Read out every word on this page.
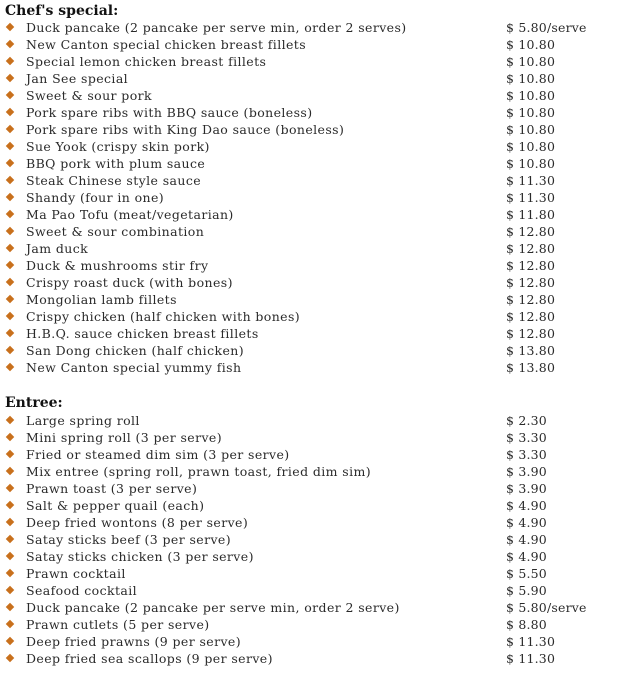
Chef's special:
Duck pancake (2 pancake per serve min, order 2 serves)	$ 5.80/serve
New Canton special chicken breast fillets	$ 10.80
Special lemon chicken breast fillets	$ 10.80
Jan See special	$ 10.80
Sweet & sour pork	$ 10.80
Pork spare ribs with BBQ sauce (boneless)	$ 10.80
Pork spare ribs with King Dao sauce (boneless)	$ 10.80
Sue Yook (crispy skin pork)	$ 10.80
BBQ pork with plum sauce	$ 10.80
Steak Chinese style sauce	$ 11.30
Shandy (four in one)	$ 11.30
Ma Pao Tofu (meat/vegetarian)	$ 11.80
Sweet & sour combination	$ 12.80
Jam duck	$ 12.80
Duck & mushrooms stir fry	$ 12.80
Crispy roast duck (with bones)	$ 12.80
Mongolian lamb fillets	$ 12.80
Crispy chicken (half chicken with bones)	$ 12.80
H.B.Q. sauce chicken breast fillets	$ 12.80
San Dong chicken (half chicken)	$ 13.80
New Canton special yummy fish	$ 13.80
Entree:
Large spring roll	$ 2.30
Mini spring roll (3 per serve)	$ 3.30
Fried or steamed dim sim (3 per serve)	$ 3.30
Mix entree (spring roll, prawn toast, fried dim sim)	$ 3.90
Prawn toast (3 per serve)	$ 3.90
Salt & pepper quail (each)	$ 4.90
Deep fried wontons (8 per serve)	$ 4.90
Satay sticks beef (3 per serve)	$ 4.90
Satay sticks chicken (3 per serve)	$ 4.90
Prawn cocktail	$ 5.50
Seafood cocktail	$ 5.90
Duck pancake (2 pancake per serve min, order 2 serve)	$ 5.80/serve
Prawn cutlets (5 per serve)	$ 8.80
Deep fried prawns (9 per serve)	$ 11.30
Deep fried sea scallops (9 per serve)	$ 11.30
